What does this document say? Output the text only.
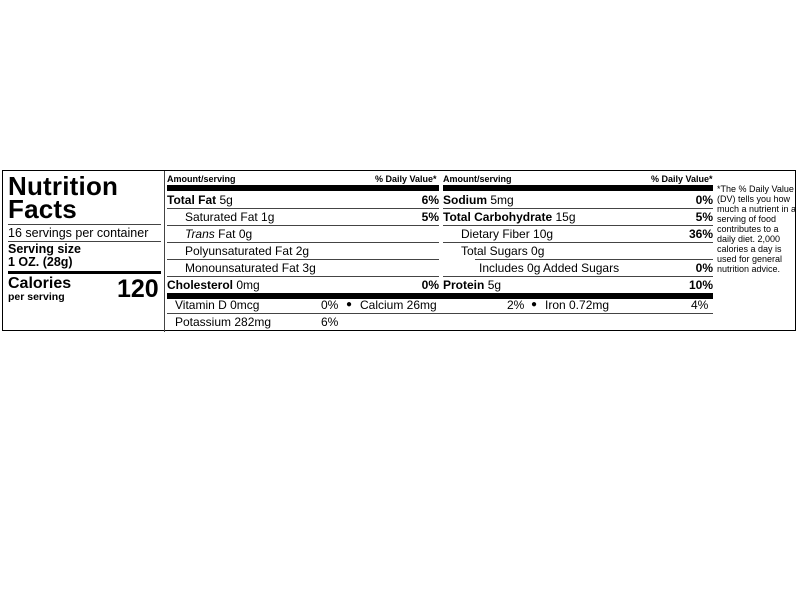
Nutrition
Facts
16 servings per container
Serving size
1 OZ. (28g)
Calories
per serving 120
Amount/serving	% Daily Value* Amount/serving	% Daily Value*
Total Fat 5g	6%
Saturated Fat 1g	5%
Trans Fat 0g
Polyunsaturated Fat 2g
Monounsaturated Fat 3g
Cholesterol 0mg	0%
Sodium 5mg	0%
Total Carbohydrate 15g	5%
Dietary Fiber 10g	36%
Total Sugars 0g
Includes 0g Added Sugars	0%
Protein 5g	10%
Vitamin D 0mcg	0% ● Calcium 26mg	2% ● Iron 0.72mg	4%
Potassium 282mg	6%
*The % Daily Value (DV) tells you how much a nutrient in a serving of food contributes to a daily diet. 2,000 calories a day is used for general nutrition advice.
